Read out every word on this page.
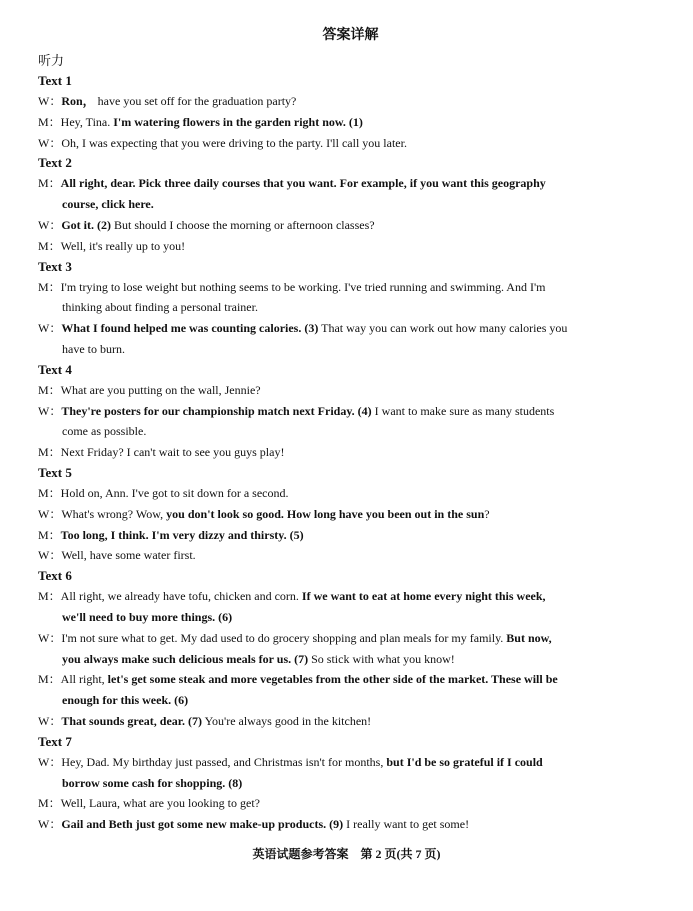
答案详解
听力
Text 1
W：Ron， have you set off for the graduation party?
M：Hey, Tina. I'm watering flowers in the garden right now. (1)
W：Oh, I was expecting that you were driving to the party. I'll call you later.
Text 2
M：All right, dear. Pick three daily courses that you want. For example, if you want this geography
course, click here.
W：Got it. (2) But should I choose the morning or afternoon classes?
M：Well, it's really up to you!
Text 3
M：I'm trying to lose weight but nothing seems to be working. I've tried running and swimming. And I'm
thinking about finding a personal trainer.
W：What I found helped me was counting calories. (3) That way you can work out how many calories you
have to burn.
Text 4
M：What are you putting on the wall, Jennie?
W：They're posters for our championship match next Friday. (4) I want to make sure as many students
come as possible.
M：Next Friday? I can't wait to see you guys play!
Text 5
M：Hold on, Ann. I've got to sit down for a second.
W：What's wrong? Wow, you don't look so good. How long have you been out in the sun?
M：Too long, I think. I'm very dizzy and thirsty. (5)
W：Well, have some water first.
Text 6
M：All right, we already have tofu, chicken and corn. If we want to eat at home every night this week,
we'll need to buy more things. (6)
W：I'm not sure what to get. My dad used to do grocery shopping and plan meals for my family. But now,
you always make such delicious meals for us. (7) So stick with what you know!
M：All right, let's get some steak and more vegetables from the other side of the market. These will be
enough for this week. (6)
W：That sounds great, dear. (7) You're always good in the kitchen!
Text 7
W：Hey, Dad. My birthday just passed, and Christmas isn't for months, but I'd be so grateful if I could
borrow some cash for shopping. (8)
M：Well, Laura, what are you looking to get?
W：Gail and Beth just got some new make-up products. (9) I really want to get some!
英语试题参考答案　第 2 页(共 7 页)
